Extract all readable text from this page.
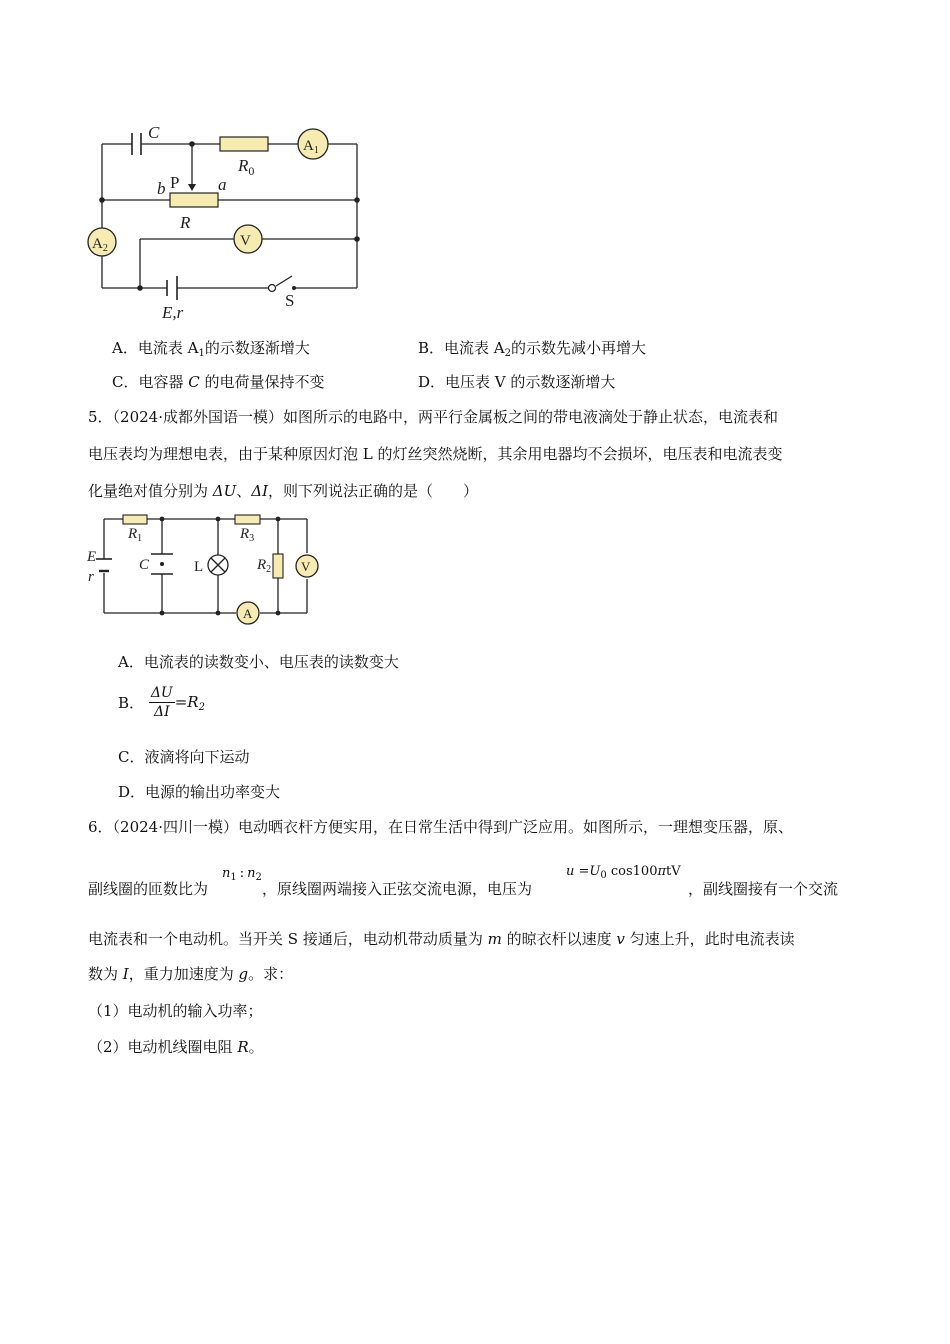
C
$R_0$
$A_1$
b P a
R
$A_2$	V
E,r
S
A．电流表 $A_1$的示数逐渐增大	B．电流表 $A_2$的示数先减小再增大
C．电容器 C 的电荷量保持不变	D．电压表 V 的示数逐渐增大
5．（2024·成都外国语一模）如图所示的电路中，两平行金属板之间的带电液滴处于静止状态，电流表和
电压表均为理想电表，由于某种原因灯泡 L 的灯丝突然烧断，其余用电器均不会损坏，电压表和电流表变
化量绝对值分别为 ΔU、ΔI，则下列说法正确的是（　　）
E
r
$R_1$
C	L
$R_3$
$R_2$ V
A
A．电流表的读数变小、电压表的读数变大
B． $\frac{\Delta U}{\Delta I} =R_2$
C．液滴将向下运动
D．电源的输出功率变大
6．（2024·四川一模）电动晒衣杆方便实用，在日常生活中得到广泛应用。如图所示，一理想变压器，原、
副线圈的匝数比为
$n_1$ : $n_2$
，原线圈两端接入正弦交流电源，电压为
$u =U_0$ cos100πtV
，副线圈接有一个交流
电流表和一个电动机。当开关 S 接通后，电动机带动质量为 m 的晾衣杆以速度 v 匀速上升，此时电流表读
数为 I，重力加速度为 g。求：
（1）电动机的输入功率；
（2）电动机线圈电阻 R。
